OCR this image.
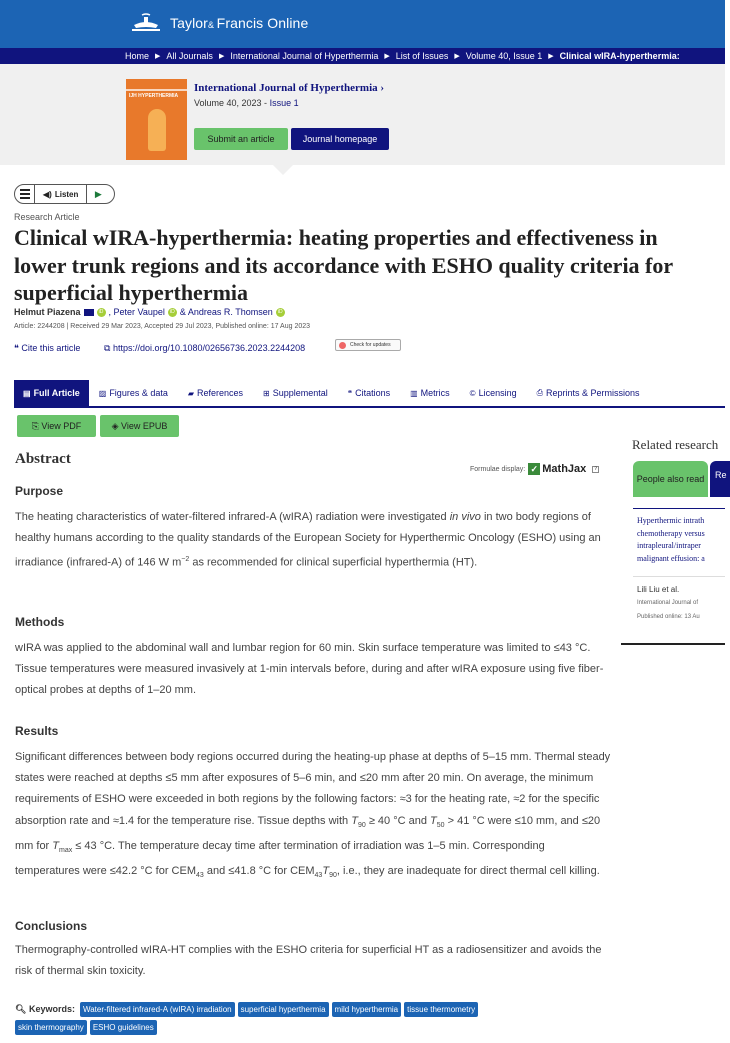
Taylor& Francis Online
Home ▶ All Journals ▶ International Journal of Hyperthermia ▶ List of Issues ▶ Volume 40, Issue 1 ▶ Clinical wIRA-hyperthermia:
IJH HYPERTHERMIA
International Journal of Hyperthermia ›
Volume 40, 2023 - Issue 1
Submit an article	Journal homepage
◀) Listen	▶
Research Article
Clinical wIRA-hyperthermia: heating properties and effectiveness in lower trunk regions and its accordance with ESHO quality criteria for superficial hyperthermia
Helmut Piazena	iD , Peter Vaupel	iD & Andreas R. Thomsen	iD
Article: 2244208 | Received 29 Mar 2023, Accepted 29 Jul 2023, Published online: 17 Aug 2023
❝ Cite this article	⧉ https://doi.org/10.1080/02656736.2023.2244208	Check for updates
▤ Full Article ▨ Figures & data	▰ References	⊞ Supplemental	❝ Citations	▥ Metrics	© Licensing	⎙ Reprints & Permissions
⎘ View PDF	◈ View EPUB
Abstract
Formulae display: ✓ MathJax	?
Purpose
The heating characteristics of water-filtered infrared-A (wIRA) radiation were investigated in vivo in two body regions of healthy humans according to the quality standards of the European Society for Hyperthermic Oncology (ESHO) using an irradiance (infrared-A) of 146 W $m^{-2}$ as recommended for clinical superficial hyperthermia (HT).
Methods
wIRA was applied to the abdominal wall and lumbar region for 60 min. Skin surface temperature was limited to ≤43 °C. Tissue temperatures were measured invasively at 1-min intervals before, during and after wIRA exposure using five fiber-optical probes at depths of 1–20 mm.
Results
Significant differences between body regions occurred during the heating-up phase at depths of 5–15 mm. Thermal steady states were reached at depths ≤5 mm after exposures of 5–6 min, and ≤20 mm after 20 min. On average, the minimum requirements of ESHO were exceeded in both regions by the following factors: ≈3 for the heating rate, ≈2 for the specific absorption rate and ≈1.4 for the temperature rise. Tissue depths with $T_{90} \ge 40$ °C and $T_{50} > 41$ °C were ≤10 mm, and ≤20 mm for $T_{max} \le 43$ °C. The temperature decay time after termination of irradiation was 1–5 min. Corresponding temperatures were ≤42.2 °C for $CEM_{43}$ and ≤41.8 °C for $CEM_{43}T_{90}$, i.e., they are inadequate for direct thermal cell killing.
Conclusions
Thermography-controlled wIRA-HT complies with the ESHO criteria for superficial HT as a radiosensitizer and avoids the risk of thermal skin toxicity.
🔍︎ Keywords:	Water-filtered infrared-A (wIRA) irradiation	superficial hyperthermia	mild hyperthermia	tissue thermometry
skin thermography	ESHO guidelines
Related research
People also read	Re
Hyperthermic intrath
chemotherapy versus
intrapleural/intraper
malignant effusion: a
Lili Liu et al.
International Journal of
Published online: 13 Au
